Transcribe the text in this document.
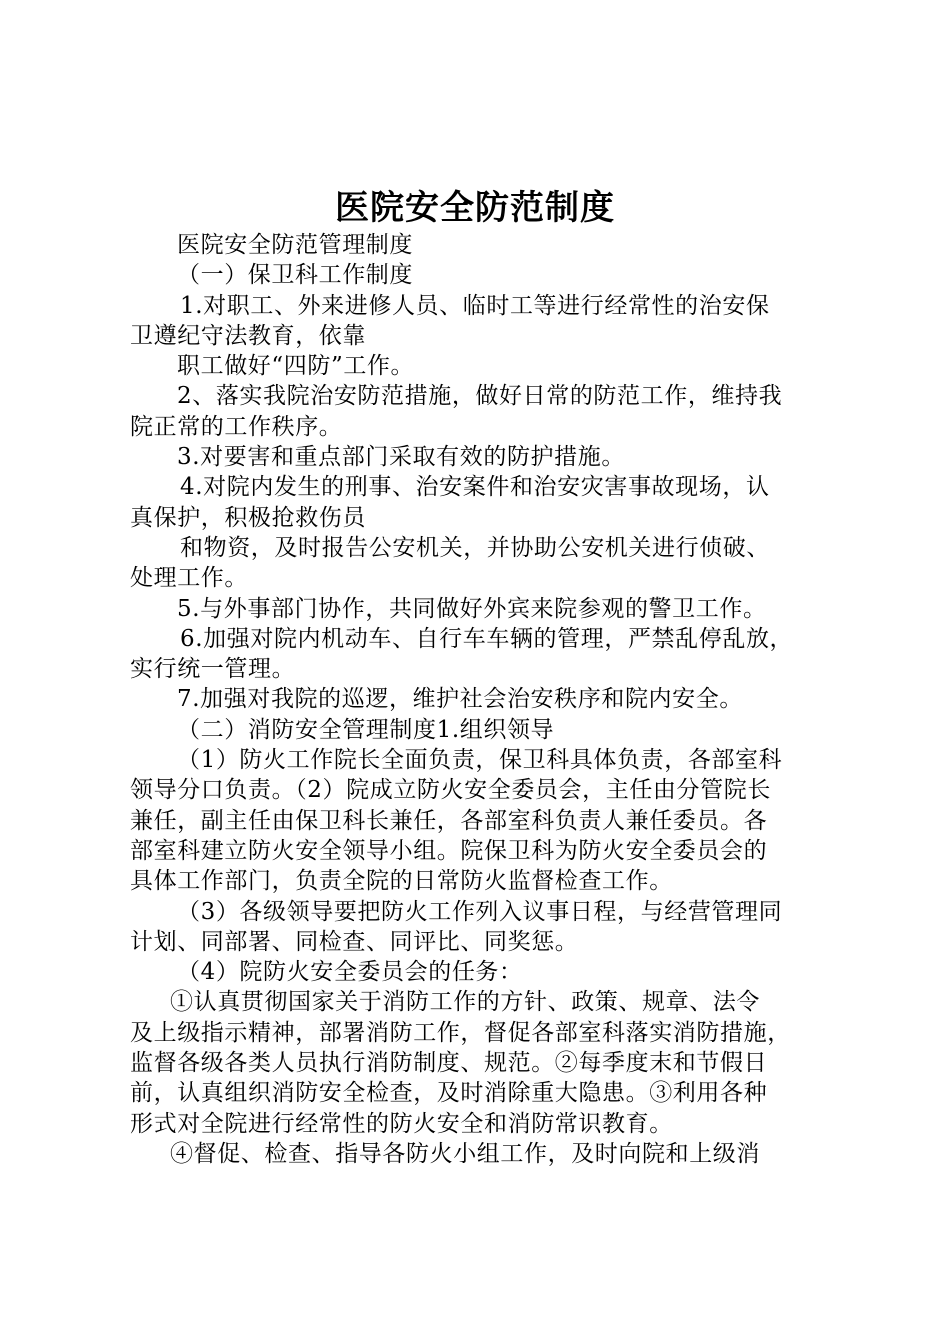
医院安全防范制度

医院安全防范管理制度

（一）保卫科工作制度

1.对职工、外来进修人员、临时工等进行经常性的治安保

卫遵纪守法教育，依靠

职工做好“四防”工作。

2、落实我院治安防范措施，做好日常的防范工作，维持我

院正常的工作秩序。

3.对要害和重点部门采取有效的防护措施。

4.对院内发生的刑事、治安案件和治安灾害事故现场，认

真保护，积极抢救伤员

和物资，及时报告公安机关，并协助公安机关进行侦破、

处理工作。

5.与外事部门协作，共同做好外宾来院参观的警卫工作。

6.加强对院内机动车、自行车车辆的管理，严禁乱停乱放，

实行统一管理。

7.加强对我院的巡逻，维护社会治安秩序和院内安全。

（二）消防安全管理制度1.组织领导

（1）防火工作院长全面负责，保卫科具体负责，各部室科

领导分口负责。（2）院成立防火安全委员会，主任由分管院长

兼任，副主任由保卫科长兼任，各部室科负责人兼任委员。各

部室科建立防火安全领导小组。院保卫科为防火安全委员会的

具体工作部门，负责全院的日常防火监督检查工作。

（3）各级领导要把防火工作列入议事日程，与经营管理同

计划、同部署、同检查、同评比、同奖惩。

（4）院防火安全委员会的任务：

①认真贯彻国家关于消防工作的方针、政策、规章、法令

及上级指示精神，部署消防工作，督促各部室科落实消防措施，

监督各级各类人员执行消防制度、规范。②每季度末和节假日

前，认真组织消防安全检查，及时消除重大隐患。③利用各种

形式对全院进行经常性的防火安全和消防常识教育。

④督促、检查、指导各防火小组工作，及时向院和上级消
